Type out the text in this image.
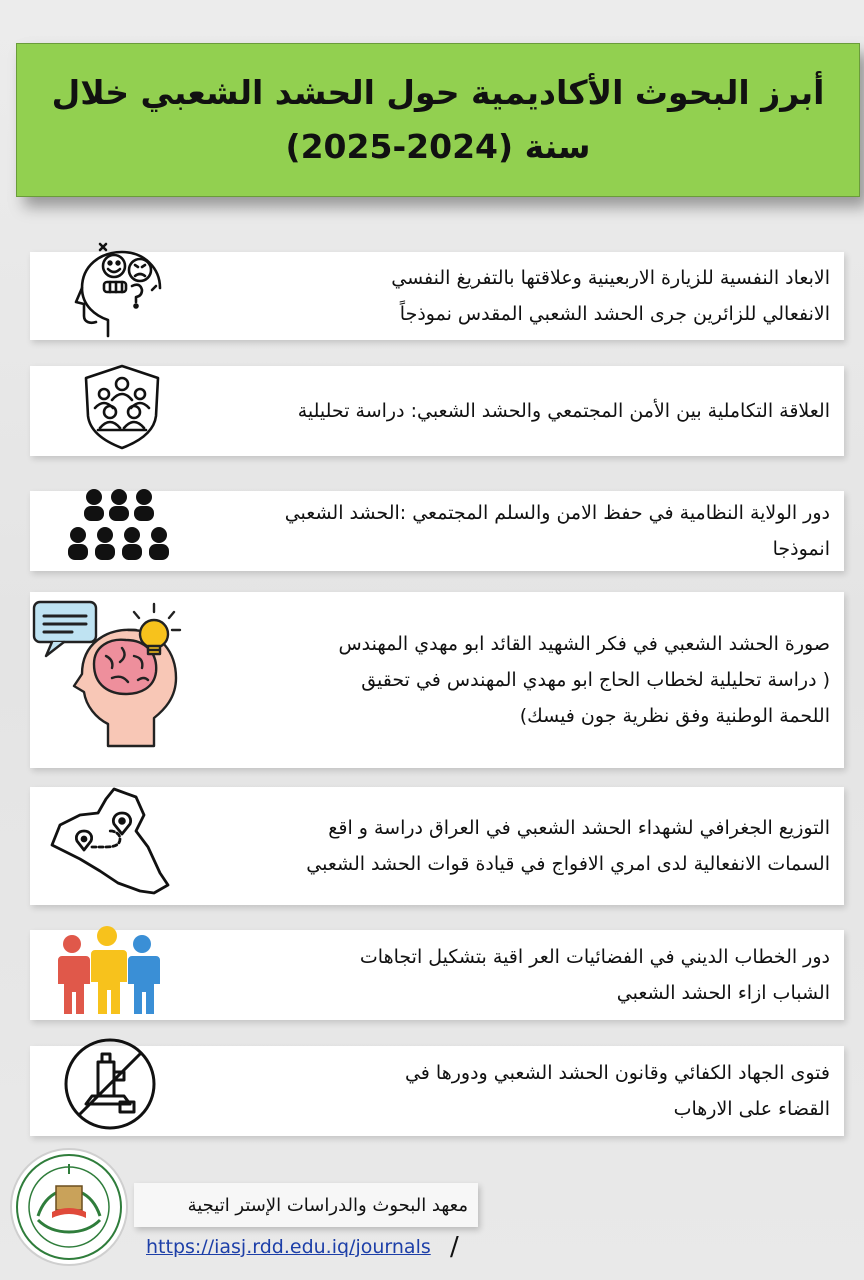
أبرز البحوث الأكاديمية حول الحشد الشعبي خلال
سنة (2024-2025)
الابعاد النفسية للزيارة الاربعينية وعلاقتها بالتفريغ النفسي
الانفعالي للزائرين جرى الحشد الشعبي المقدس نموذجاً
العلاقة التكاملية بين الأمن المجتمعي والحشد الشعبي: دراسة تحليلية
دور الولاية النظامية في حفظ الامن والسلم المجتمعي :الحشد الشعبي
انموذجا
صورة الحشد الشعبي في فكر الشهيد القائد ابو مهدي المهندس
( دراسة تحليلية لخطاب الحاج ابو مهدي المهندس في تحقيق
اللحمة الوطنية وفق نظرية جون فيسك)
التوزيع الجغرافي لشهداء الحشد الشعبي في العراق دراسة و اقع
السمات الانفعالية لدى امري الافواج في قيادة قوات الحشد الشعبي
دور الخطاب الديني في الفضائيات العر اقية بتشكيل اتجاهات
الشباب ازاء الحشد الشعبي
فتوى الجهاد الكفائي وقانون الحشد الشعبي ودورها في
القضاء على الارهاب
معهد البحوث والدراسات الإستر اتيجية
https://iasj.rdd.edu.iq/journals /
